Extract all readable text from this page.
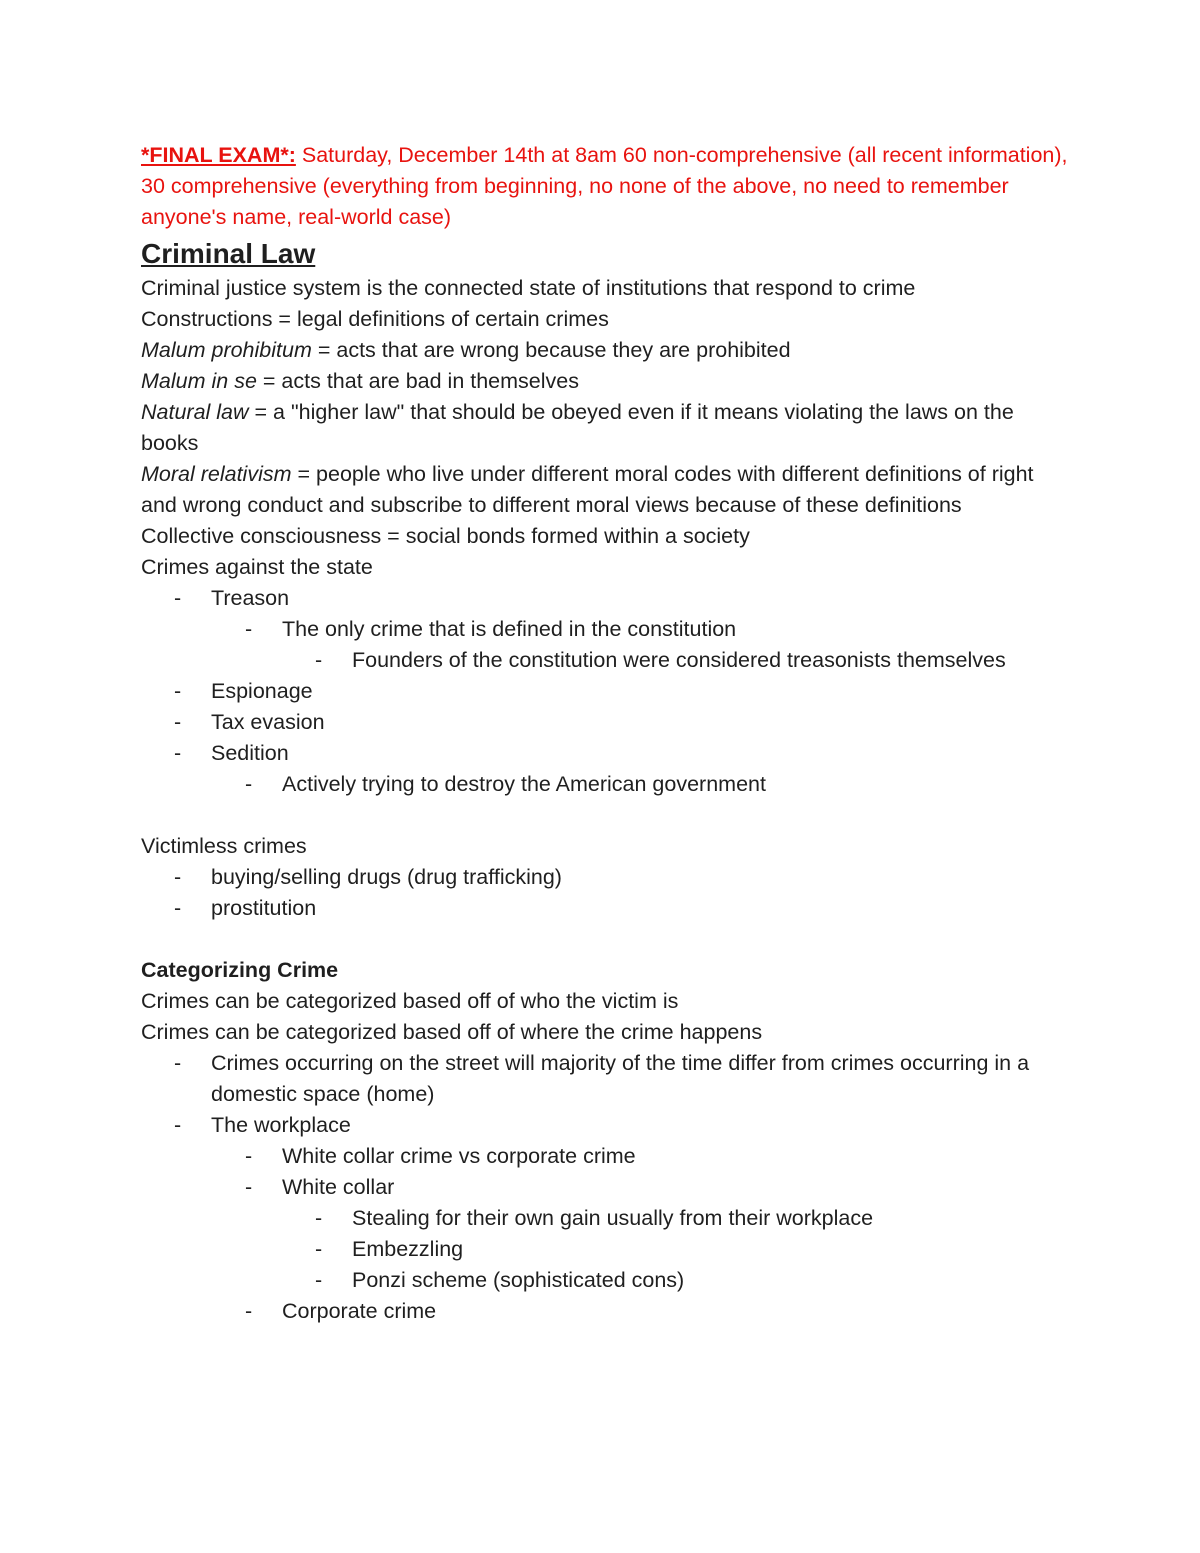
*FINAL EXAM*: Saturday, December 14th at 8am 60 non-comprehensive (all recent information), 30 comprehensive (everything from beginning, no none of the above, no need to remember anyone's name, real-world case)

Criminal Law

Criminal justice system is the connected state of institutions that respond to crime

Constructions = legal definitions of certain crimes

Malum prohibitum = acts that are wrong because they are prohibited

Malum in se = acts that are bad in themselves

Natural law = a "higher law" that should be obeyed even if it means violating the laws on the books

Moral relativism = people who live under different moral codes with different definitions of right and wrong conduct and subscribe to different moral views because of these definitions

Collective consciousness = social bonds formed within a society

Crimes against the state

- Treason

- The only crime that is defined in the constitution

- Founders of the constitution were considered treasonists themselves

- Espionage

- Tax evasion

- Sedition

- Actively trying to destroy the American government

Victimless crimes

- buying/selling drugs (drug trafficking)

- prostitution

Categorizing Crime

Crimes can be categorized based off of who the victim is

Crimes can be categorized based off of where the crime happens

- Crimes occurring on the street will majority of the time differ from crimes occurring in a domestic space (home)

- The workplace

- White collar crime vs corporate crime

- White collar

- Stealing for their own gain usually from their workplace

- Embezzling

- Ponzi scheme (sophisticated cons)

- Corporate crime
